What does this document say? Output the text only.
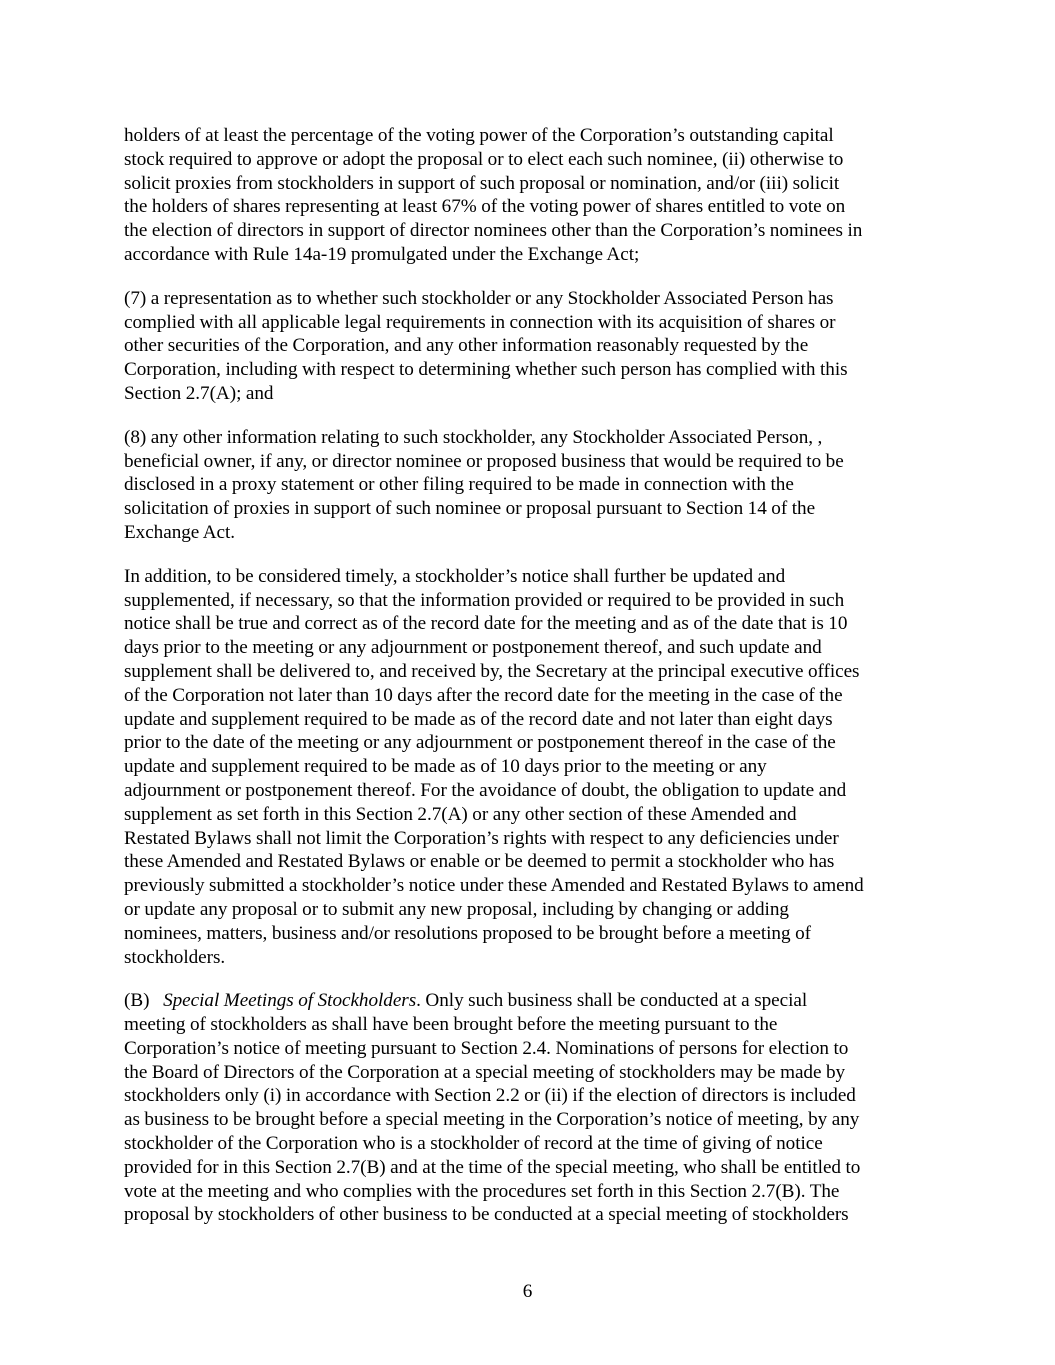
holders of at least the percentage of the voting power of the Corporation’s outstanding capital
stock required to approve or adopt the proposal or to elect each such nominee, (ii) otherwise to
solicit proxies from stockholders in support of such proposal or nomination, and/or (iii) solicit
the holders of shares representing at least 67% of the voting power of shares entitled to vote on
the election of directors in support of director nominees other than the Corporation’s nominees in
accordance with Rule 14a-19 promulgated under the Exchange Act;
(7) a representation as to whether such stockholder or any Stockholder Associated Person has
complied with all applicable legal requirements in connection with its acquisition of shares or
other securities of the Corporation, and any other information reasonably requested by the
Corporation, including with respect to determining whether such person has complied with this
Section 2.7(A); and
(8) any other information relating to such stockholder, any Stockholder Associated Person, ,
beneficial owner, if any, or director nominee or proposed business that would be required to be
disclosed in a proxy statement or other filing required to be made in connection with the
solicitation of proxies in support of such nominee or proposal pursuant to Section 14 of the
Exchange Act.
In addition, to be considered timely, a stockholder’s notice shall further be updated and
supplemented, if necessary, so that the information provided or required to be provided in such
notice shall be true and correct as of the record date for the meeting and as of the date that is 10
days prior to the meeting or any adjournment or postponement thereof, and such update and
supplement shall be delivered to, and received by, the Secretary at the principal executive offices
of the Corporation not later than 10 days after the record date for the meeting in the case of the
update and supplement required to be made as of the record date and not later than eight days
prior to the date of the meeting or any adjournment or postponement thereof in the case of the
update and supplement required to be made as of 10 days prior to the meeting or any
adjournment or postponement thereof. For the avoidance of doubt, the obligation to update and
supplement as set forth in this Section 2.7(A) or any other section of these Amended and
Restated Bylaws shall not limit the Corporation’s rights with respect to any deficiencies under
these Amended and Restated Bylaws or enable or be deemed to permit a stockholder who has
previously submitted a stockholder’s notice under these Amended and Restated Bylaws to amend
or update any proposal or to submit any new proposal, including by changing or adding
nominees, matters, business and/or resolutions proposed to be brought before a meeting of
stockholders.
(B) Special Meetings of Stockholders. Only such business shall be conducted at a special
meeting of stockholders as shall have been brought before the meeting pursuant to the
Corporation’s notice of meeting pursuant to Section 2.4. Nominations of persons for election to
the Board of Directors of the Corporation at a special meeting of stockholders may be made by
stockholders only (i) in accordance with Section 2.2 or (ii) if the election of directors is included
as business to be brought before a special meeting in the Corporation’s notice of meeting, by any
stockholder of the Corporation who is a stockholder of record at the time of giving of notice
provided for in this Section 2.7(B) and at the time of the special meeting, who shall be entitled to
vote at the meeting and who complies with the procedures set forth in this Section 2.7(B). The
proposal by stockholders of other business to be conducted at a special meeting of stockholders
6
